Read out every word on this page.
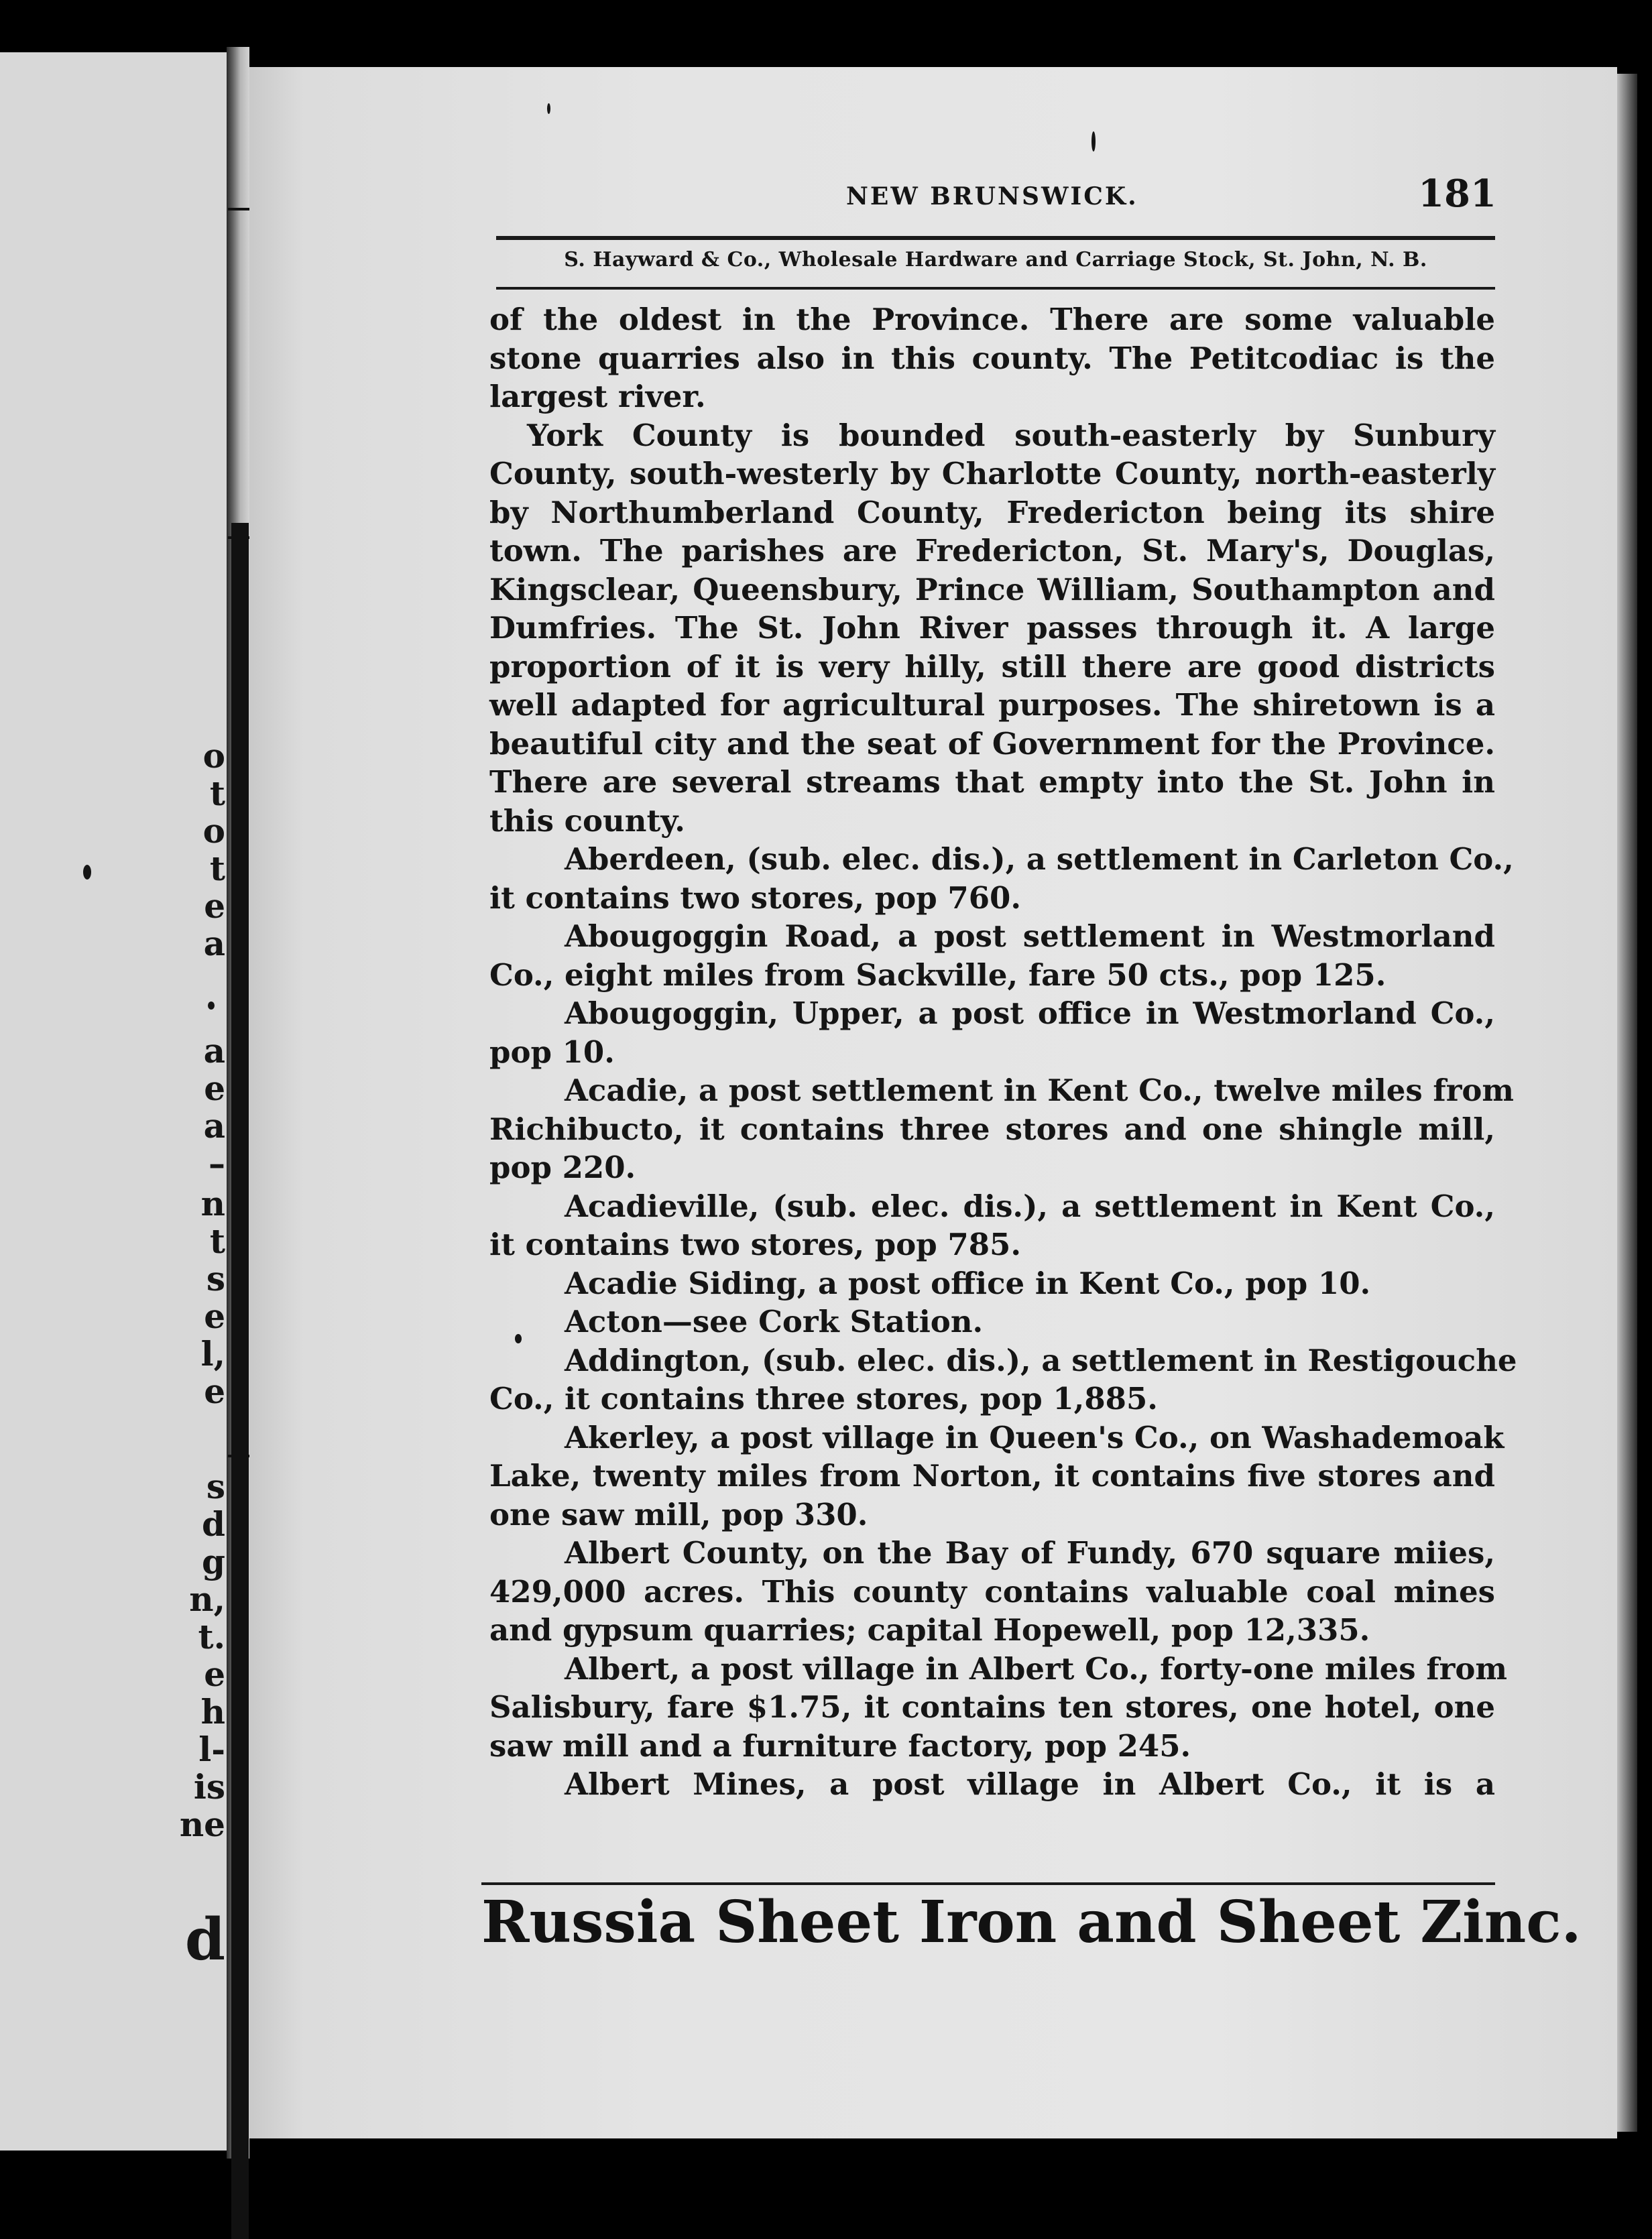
o
t
o
t
e
a
a
e
a
–
n
t
s
e
l,
e
s
d
g
n,
t.
e
h
l-
is
ne
d
NEW BRUNSWICK.	181
S. Hayward & Co., Wholesale Hardware and Carriage Stock, St. John, N. B.
of the oldest in the Province. There are some valuable
stone quarries also in this county. The Petitcodiac is the
largest river.
York County is bounded south-easterly by Sunbury
County, south-westerly by Charlotte County, north-easterly
by Northumberland County, Fredericton being its shire
town. The parishes are Fredericton, St. Mary's, Douglas,
Kingsclear, Queensbury, Prince William, Southampton and
Dumfries. The St. John River passes through it. A large
proportion of it is very hilly, still there are good districts
well adapted for agricultural purposes. The shiretown is a
beautiful city and the seat of Government for the Province.
There are several streams that empty into the St. John in
this county.
Aberdeen, (sub. elec. dis.), a settlement in Carleton Co.,
it contains two stores, pop 760.
Abougoggin Road, a post settlement in Westmorland
Co., eight miles from Sackville, fare 50 cts., pop 125.
Abougoggin, Upper, a post office in Westmorland Co.,
pop 10.
Acadie, a post settlement in Kent Co., twelve miles from
Richibucto, it contains three stores and one shingle mill,
pop 220.
Acadieville, (sub. elec. dis.), a settlement in Kent Co.,
it contains two stores, pop 785.
Acadie Siding, a post office in Kent Co., pop 10.
Acton—see Cork Station.
Addington, (sub. elec. dis.), a settlement in Restigouche
Co., it contains three stores, pop 1,885.
Akerley, a post village in Queen's Co., on Washademoak
Lake, twenty miles from Norton, it contains five stores and
one saw mill, pop 330.
Albert County, on the Bay of Fundy, 670 square miies,
429,000 acres. This county contains valuable coal mines
and gypsum quarries; capital Hopewell, pop 12,335.
Albert, a post village in Albert Co., forty-one miles from
Salisbury, fare $1.75, it contains ten stores, one hotel, one
saw mill and a furniture factory, pop 245.
Albert Mines, a post village in Albert Co., it is a
Russia Sheet Iron and Sheet Zinc.
